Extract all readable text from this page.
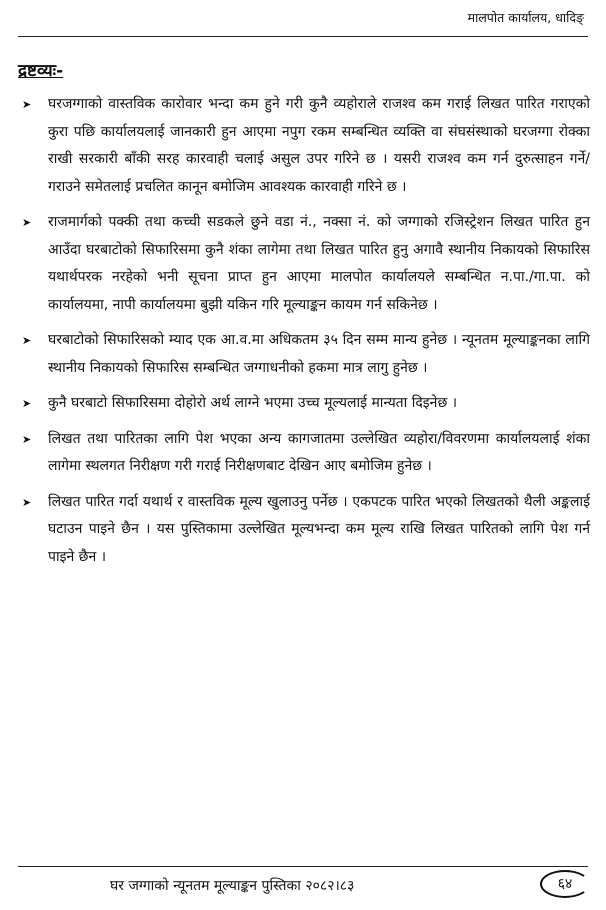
मालपोत कार्यालय, धादिङ्
द्रष्टव्यः-
➤ घरजग्गाको वास्तविक कारोवार भन्दा कम हुने गरी कुनै व्यहोराले राजश्व कम गराई लिखत पारित गराएको कुरा पछि कार्यालयलाई जानकारी हुन आएमा नपुग रकम सम्बन्धित व्यक्ति वा संघसंस्थाको घरजग्गा रोक्का राखी सरकारी बाँकी सरह कारवाही चलाई असुल उपर गरिने छ । यसरी राजश्व कम गर्न दुरुत्साहन गर्ने/गराउने समेतलाई प्रचलित कानून बमोजिम आवश्यक कारवाही गरिने छ ।
➤ राजमार्गको पक्की तथा कच्ची सडकले छुने वडा नं., नक्सा नं. को जग्गाको रजिस्ट्रेशन लिखत पारित हुन आउँदा घरबाटोको सिफारिसमा कुनै शंका लागेमा तथा लिखत पारित हुनु अगावै स्थानीय निकायको सिफारिस यथार्थपरक नरहेको भनी सूचना प्राप्त हुन आएमा मालपोत कार्यालयले सम्बन्धित न.पा./गा.पा. को कार्यालयमा, नापी कार्यालयमा बुझी यकिन गरि मूल्याङ्कन कायम गर्न सकिनेछ ।
➤ घरबाटोको सिफारिसको म्याद एक आ.व.मा अधिकतम ३५ दिन सम्म मान्य हुनेछ । न्यूनतम मूल्याङ्कनका लागि स्थानीय निकायको सिफारिस सम्बन्धित जग्गाधनीको हकमा मात्र लागु हुनेछ ।
➤ कुनै घरबाटो सिफारिसमा दोहोरो अर्थ लाग्ने भएमा उच्च मूल्यलाई मान्यता दिइनेछ ।
➤ लिखत तथा पारितका लागि पेश भएका अन्य कागजातमा उल्लेखित व्यहोरा/विवरणमा कार्यालयलाई शंका लागेमा स्थलगत निरीक्षण गरी गराई निरीक्षणबाट देखिन आए बमोजिम हुनेछ ।
➤ लिखत पारित गर्दा यथार्थ र वास्तविक मूल्य खुलाउनु पर्नेछ । एकपटक पारित भएको लिखतको थैली अङ्कलाई घटाउन पाइने छैन । यस पुस्तिकामा उल्लेखित मूल्यभन्दा कम मूल्य राखि लिखत पारितको लागि पेश गर्न पाइने छैन ।
घर जग्गाको न्यूनतम मूल्याङ्कन पुस्तिका २०८२।८३	६४
